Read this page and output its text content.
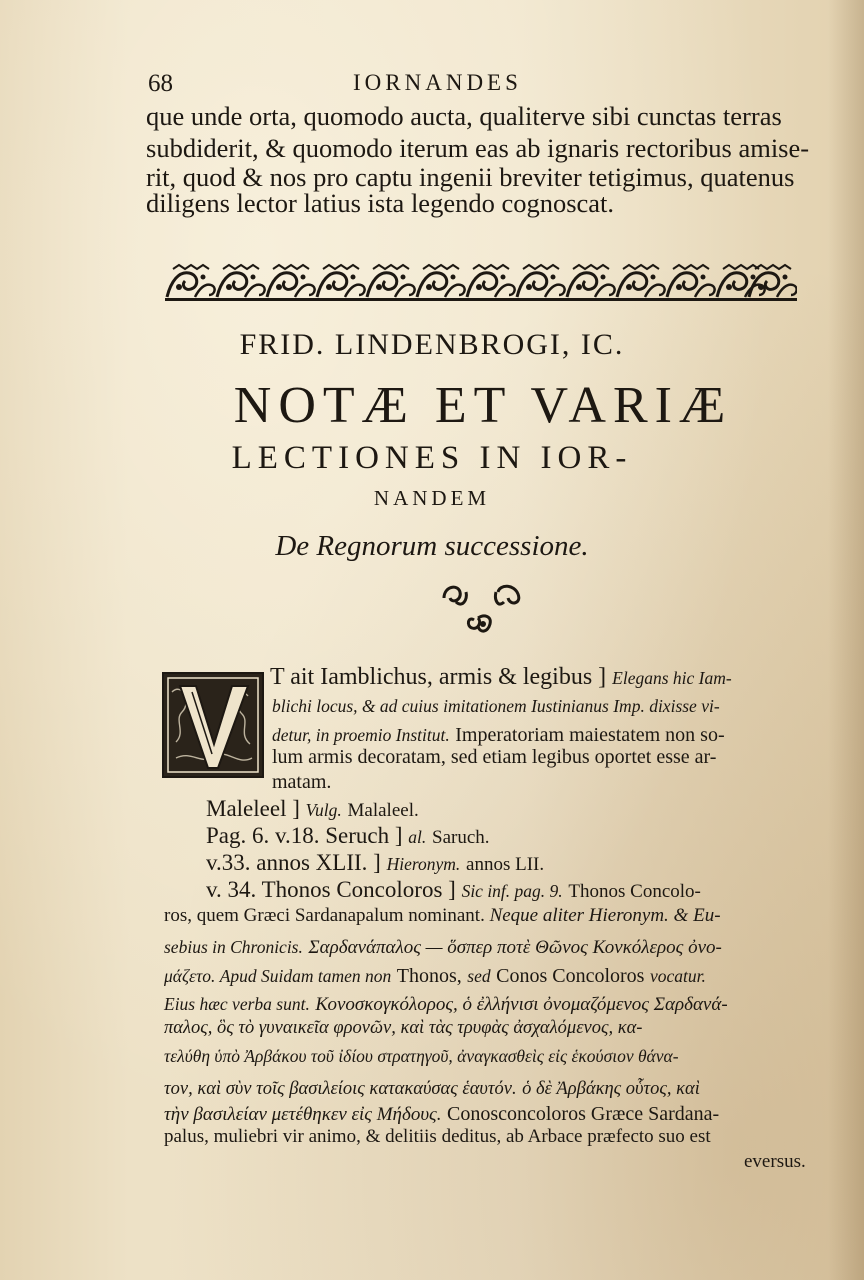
68	IORNANDES
que unde orta, quomodo aucta, qualiterve sibi cunctas terras
subdiderit, & quomodo iterum eas ab ignaris rectoribus amise-
rit, quod & nos pro captu ingenii breviter tetigimus, quatenus
diligens lector latius ista legendo cognoscat.
FRID. LINDENBROGI, IC.
NOTÆ ET VARIÆ
LECTIONES IN IOR-
NANDEM
De Regnorum successione.
T ait Iamblichus, armis & legibus ] Elegans hic Iam-
blichi locus, & ad cuius imitationem Iustinianus Imp. dixisse vi-
detur, in proemio Institut. Imperatoriam maiestatem non so-
lum armis decoratam, sed etiam legibus oportet esse ar-
matam.
Maleleel ] Vulg. Malaleel.
Pag. 6. v.18. Seruch ] al. Saruch.
v.33. annos XLII. ] Hieronym. annos LII.
v. 34. Thonos Concoloros ] Sic inf. pag. 9. Thonos Concolo-
ros, quem Græci Sardanapalum nominant. Neque aliter Hieronym. & Eu-
sebius in Chronicis. Σαρδανάπαλος — ὅσπερ ποτὲ Θῶνος Κονκόλερος ὀνο-
μάζετο. Apud Suidam tamen non Thonos, sed Conos Concoloros vocatur.
Eius hæc verba sunt. Κονοσκογκόλορος, ὁ ἐλλήνισι ὀνομαζόμενος Σαρδανά-
παλος, ὃς τὸ γυναικεῖα φρονῶν, καὶ τὰς τρυφὰς ἀσχαλόμενος, κα-
τελύθη ὑπὸ Ἀρβάκου τοῦ ἰδίου στρατηγοῦ, ἀναγκασθεὶς εἰς ἑκούσιον θάνα-
τον, καὶ σὺν τοῖς βασιλείοις κατακαύσας ἑαυτόν. ὁ δὲ Ἀρβάκης οὗτος, καὶ
τὴν βασιλείαν μετέθηκεν εἰς Μήδους. Conosconcoloros Græce Sardana-
palus, muliebri vir animo, & delitiis deditus, ab Arbace præfecto suo est
eversus.
